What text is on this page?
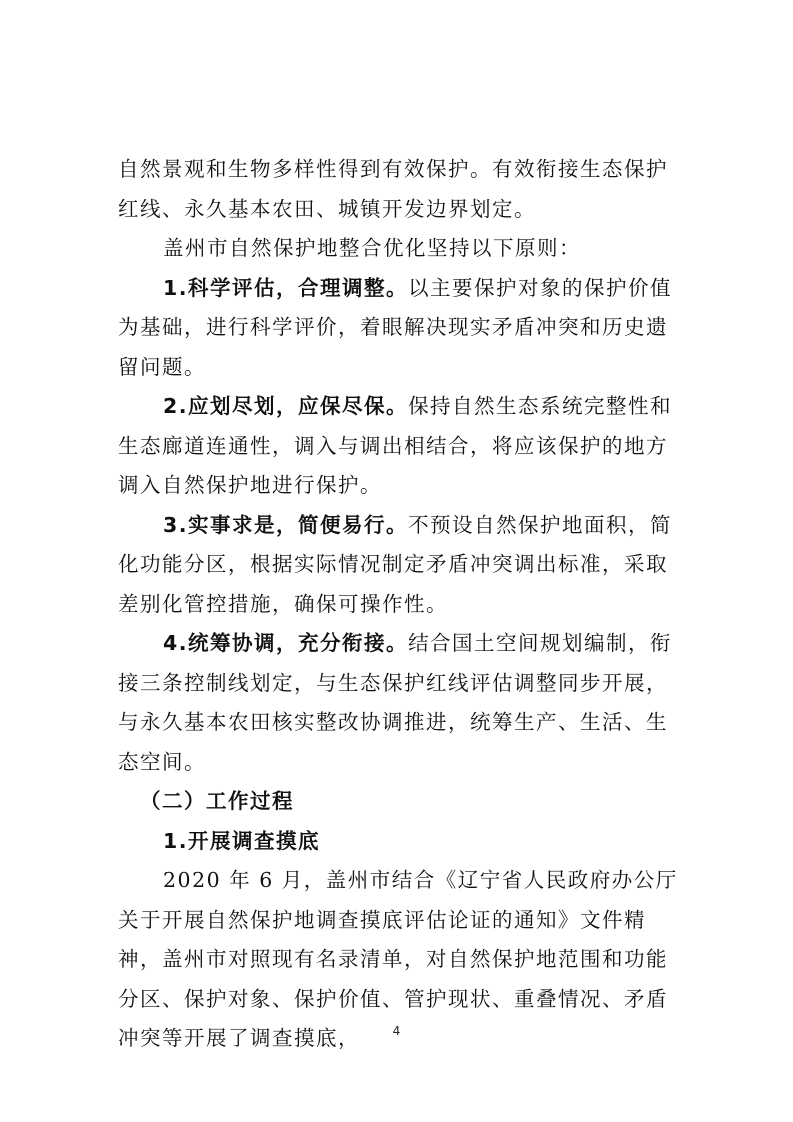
自然景观和生物多样性得到有效保护。有效衔接生态保护红线、永久基本农田、城镇开发边界划定。

盖州市自然保护地整合优化坚持以下原则：

1.科学评估，合理调整。以主要保护对象的保护价值为基础，进行科学评价，着眼解决现实矛盾冲突和历史遗留问题。

2.应划尽划，应保尽保。保持自然生态系统完整性和生态廊道连通性，调入与调出相结合，将应该保护的地方调入自然保护地进行保护。

3.实事求是，简便易行。不预设自然保护地面积，简化功能分区，根据实际情况制定矛盾冲突调出标准，采取差别化管控措施，确保可操作性。

4.统筹协调，充分衔接。结合国土空间规划编制，衔接三条控制线划定，与生态保护红线评估调整同步开展，与永久基本农田核实整改协调推进，统筹生产、生活、生态空间。

（二）工作过程

1.开展调查摸底

2020 年 6 月，盖州市结合《辽宁省人民政府办公厅关于开展自然保护地调查摸底评估论证的通知》文件精神，盖州市对照现有名录清单，对自然保护地范围和功能分区、保护对象、保护价值、管护现状、重叠情况、矛盾冲突等开展了调查摸底，	4
